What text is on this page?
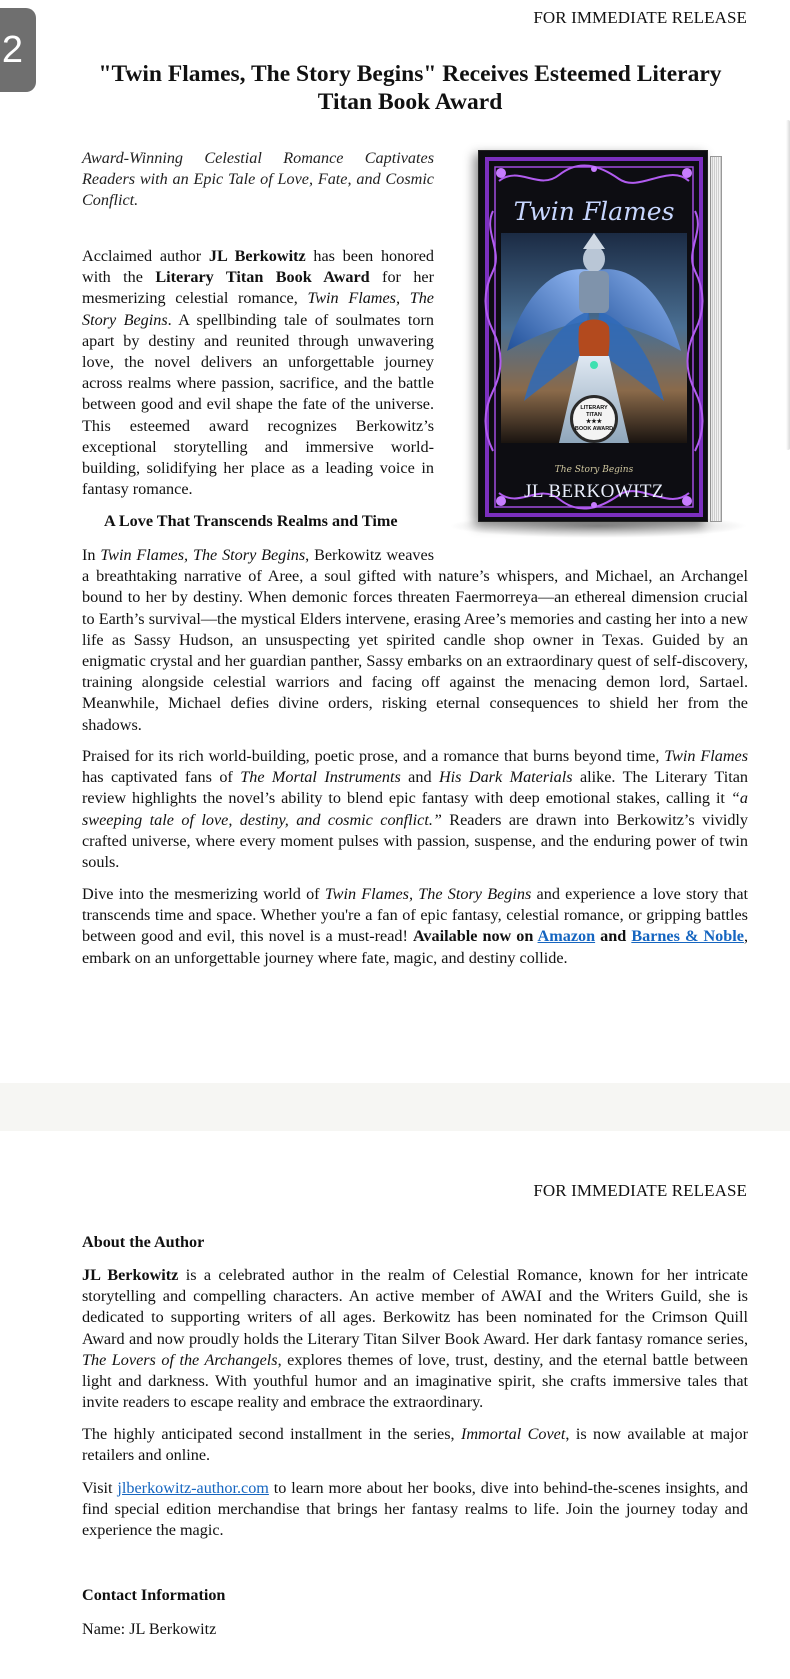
2
FOR IMMEDIATE RELEASE
"Twin Flames, The Story Begins" Receives Esteemed Literary Titan Book Award

Award-Winning Celestial Romance Captivates Readers with an Epic Tale of Love, Fate, and Cosmic Conflict.

Acclaimed author JL Berkowitz has been honored with the Literary Titan Book Award for her mesmerizing celestial romance, Twin Flames, The Story Begins. A spellbinding tale of soulmates torn apart by destiny and reunited through unwavering love, the novel delivers an unforgettable journey across realms where passion, sacrifice, and the battle between good and evil shape the fate of the universe. This esteemed award recognizes Berkowitz’s exceptional storytelling and immersive world-building, solidifying her place as a leading voice in fantasy romance.

Twin Flames
LITERARY TITAN
★★★
BOOK AWARD
The Story Begins
JL BERKOWITZ
A Love That Transcends Realms and Time

In Twin Flames, The Story Begins, Berkowitz weaves a breathtaking narrative of Aree, a soul gifted with nature’s whispers, and Michael, an Archangel bound to her by destiny. When demonic forces threaten Faermorreya—an ethereal dimension crucial to Earth’s survival—the mystical Elders intervene, erasing Aree’s memories and casting her into a new life as Sassy Hudson, an unsuspecting yet spirited candle shop owner in Texas. Guided by an enigmatic crystal and her guardian panther, Sassy embarks on an extraordinary quest of self-discovery, training alongside celestial warriors and facing off against the menacing demon lord, Sartael. Meanwhile, Michael defies divine orders, risking eternal consequences to shield her from the shadows.

Praised for its rich world-building, poetic prose, and a romance that burns beyond time, Twin Flames has captivated fans of The Mortal Instruments and His Dark Materials alike. The Literary Titan review highlights the novel’s ability to blend epic fantasy with deep emotional stakes, calling it “a sweeping tale of love, destiny, and cosmic conflict.” Readers are drawn into Berkowitz’s vividly crafted universe, where every moment pulses with passion, suspense, and the enduring power of twin souls.

Dive into the mesmerizing world of Twin Flames, The Story Begins and experience a love story that transcends time and space. Whether you're a fan of epic fantasy, celestial romance, or gripping battles between good and evil, this novel is a must-read! Available now on Amazon and Barnes & Noble, embark on an unforgettable journey where fate, magic, and destiny collide.

FOR IMMEDIATE RELEASE
About the Author

JL Berkowitz is a celebrated author in the realm of Celestial Romance, known for her intricate storytelling and compelling characters. An active member of AWAI and the Writers Guild, she is dedicated to supporting writers of all ages. Berkowitz has been nominated for the Crimson Quill Award and now proudly holds the Literary Titan Silver Book Award. Her dark fantasy romance series, The Lovers of the Archangels, explores themes of love, trust, destiny, and the eternal battle between light and darkness. With youthful humor and an imaginative spirit, she crafts immersive tales that invite readers to escape reality and embrace the extraordinary.

The highly anticipated second installment in the series, Immortal Covet, is now available at major retailers and online.

Visit jlberkowitz-author.com to learn more about her books, dive into behind-the-scenes insights, and find special edition merchandise that brings her fantasy realms to life. Join the journey today and experience the magic.

Contact Information
Name: JL Berkowitz
